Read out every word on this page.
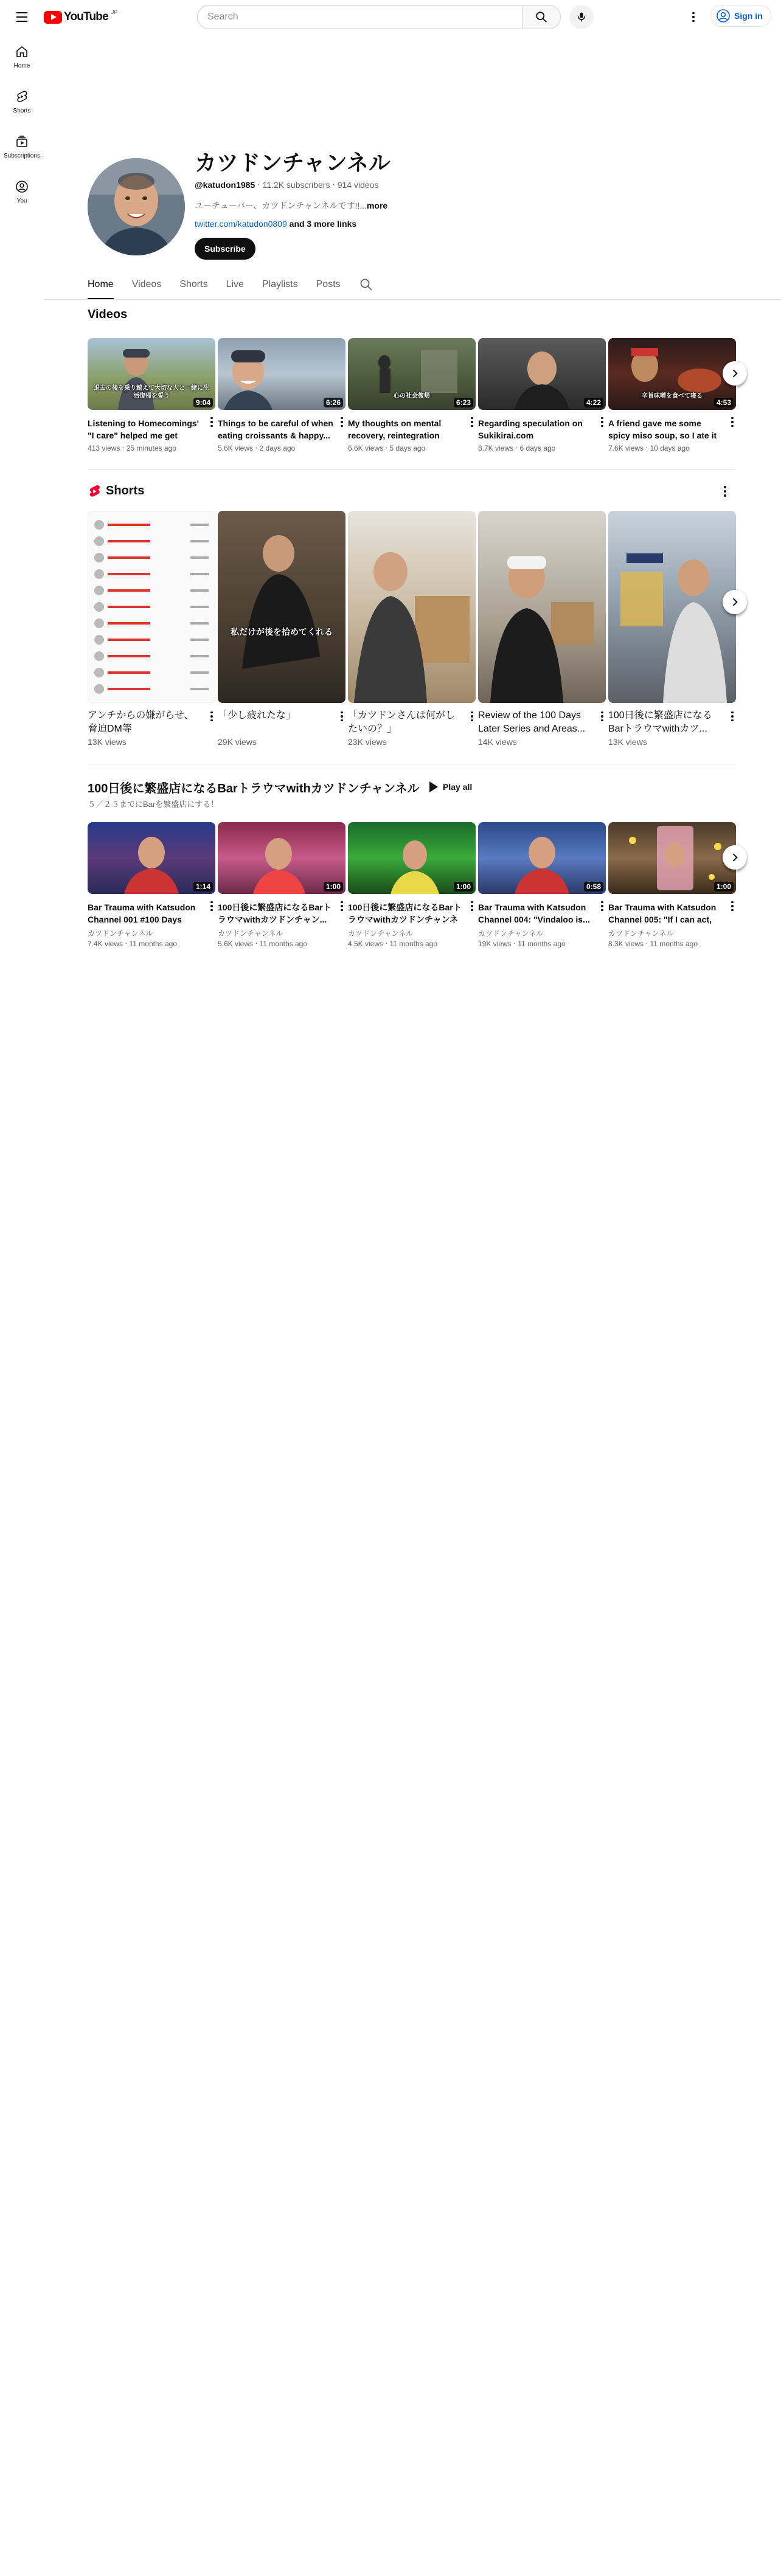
YouTube $^{JP}$
Search	Sign in
Home
Shorts
Subscriptions
You
カツドンチャンネル
@katudon1985 ‧ 11.2K subscribers ‧ 914 videos
ユーチューバー、カツドンチャンネルです!!...more
twitter.com/katudon0809 and 3 more links
Subscribe
Home Videos Shorts Live Playlists Posts
Videos
退去の後を乗り越えて大切な人と一緒に生活復帰を誓う
9:04
Listening to Homecomings' "I care" helped me get
413 views ‧ 25 minutes ago
6:26
Things to be careful of when eating croissants & happy...
5.6K views ‧ 2 days ago
心の社会復帰
6:23
My thoughts on mental recovery, reintegration
6.6K views ‧ 5 days ago
4:22
Regarding speculation on Sukikirai.com
8.7K views ‧ 6 days ago
辛旨味噌を食べて寝る
4:53
A friend gave me some spicy miso soup, so I ate it
7.6K views ‧ 10 days ago
Shorts
アンチからの嫌がらせ、脅迫DM等
13K views
私だけが後を拾めてくれる
「少し疲れたな」
29K views
「カツドンさんは何がしたいの？」
23K views
Review of the 100 Days Later Series and Areas...
14K views
100日後に繁盛店になるBarトラウマwithカツ...
13K views
100日後に繁盛店になるBarトラウマwithカツドンチャンネル	Play all
５／２５までにBarを繁盛店にする！
1:14
Bar Trauma with Katsudon Channel 001 #100 Days
カツドンチャンネル
7.4K views ‧ 11 months ago
1:00
100日後に繁盛店になるBarトラウマwithカツドンチャン...
カツドンチャンネル
5.6K views ‧ 11 months ago
1:00
100日後に繁盛店になるBarトラウマwithカツドンチャンネ
カツドンチャンネル
4.5K views ‧ 11 months ago
0:58
Bar Trauma with Katsudon Channel 004: "Vindaloo is...
カツドンチャンネル
19K views ‧ 11 months ago
1:00
Bar Trauma with Katsudon Channel 005: "If I can act,
カツドンチャンネル
8.3K views ‧ 11 months ago
